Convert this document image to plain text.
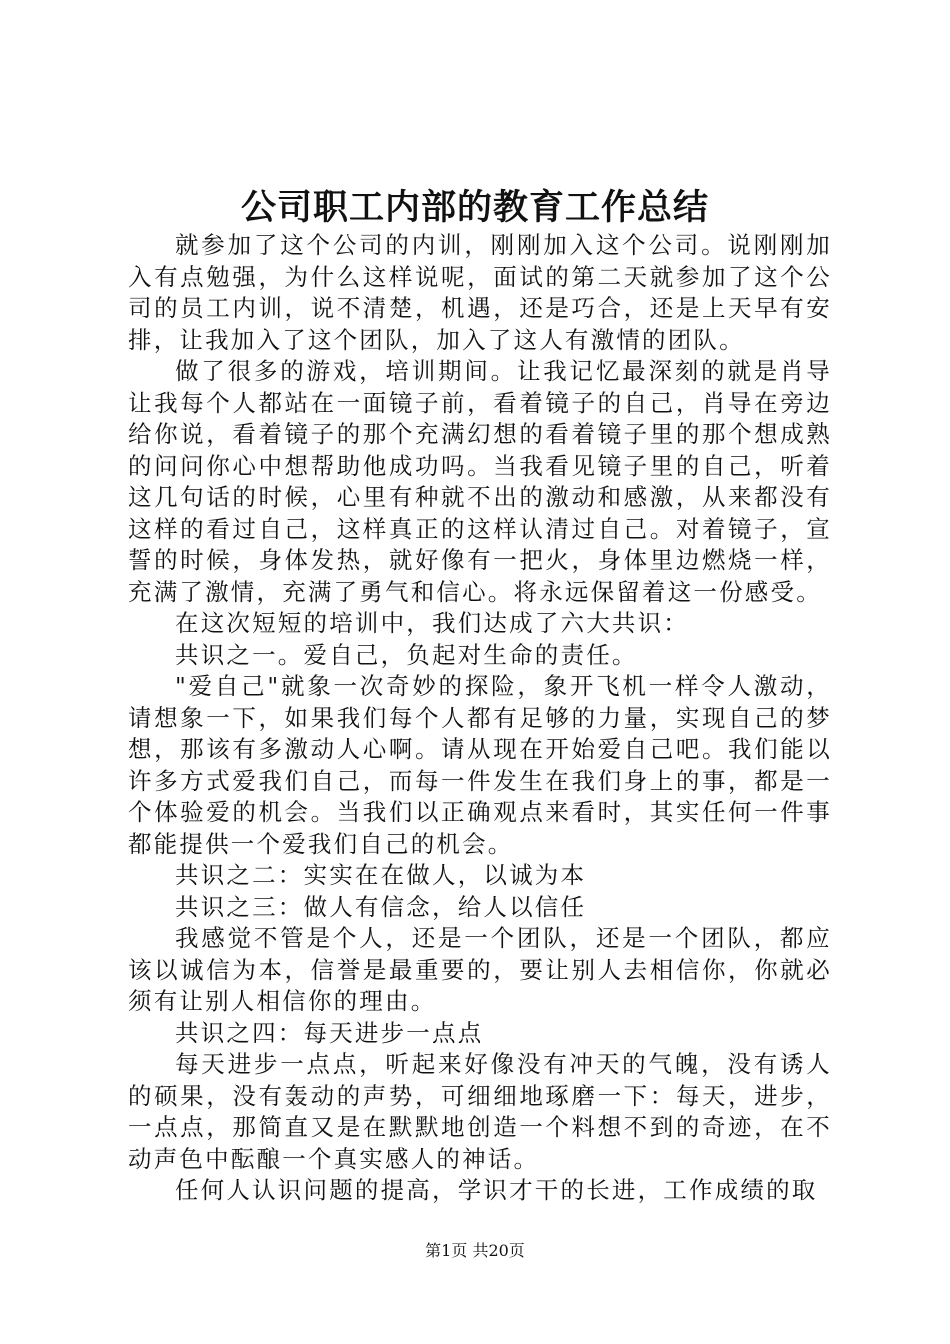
公司职工内部的教育工作总结

就参加了这个公司的内训，刚刚加入这个公司。说刚刚加入有点勉强，为什么这样说呢，面试的第二天就参加了这个公司的员工内训，说不清楚，机遇，还是巧合，还是上天早有安排，让我加入了这个团队，加入了这人有激情的团队。

做了很多的游戏，培训期间。让我记忆最深刻的就是肖导让我每个人都站在一面镜子前，看着镜子的自己，肖导在旁边给你说，看着镜子的那个充满幻想的看着镜子里的那个想成熟的问问你心中想帮助他成功吗。当我看见镜子里的自己，听着这几句话的时候，心里有种就不出的激动和感激，从来都没有这样的看过自己，这样真正的这样认清过自己。对着镜子，宣誓的时候，身体发热，就好像有一把火，身体里边燃烧一样，充满了激情，充满了勇气和信心。将永远保留着这一份感受。

在这次短短的培训中，我们达成了六大共识：

共识之一。爱自己，负起对生命的责任。

"爱自己"就象一次奇妙的探险，象开飞机一样令人激动，请想象一下，如果我们每个人都有足够的力量，实现自己的梦想，那该有多激动人心啊。请从现在开始爱自己吧。我们能以许多方式爱我们自己，而每一件发生在我们身上的事，都是一个体验爱的机会。当我们以正确观点来看时，其实任何一件事都能提供一个爱我们自己的机会。

共识之二：实实在在做人，以诚为本

共识之三：做人有信念，给人以信任

我感觉不管是个人，还是一个团队，还是一个团队，都应该以诚信为本，信誉是最重要的，要让别人去相信你，你就必须有让别人相信你的理由。

共识之四：每天进步一点点

每天进步一点点，听起来好像没有冲天的气魄，没有诱人的硕果，没有轰动的声势，可细细地琢磨一下：每天，进步，一点点，那简直又是在默默地创造一个料想不到的奇迹，在不动声色中酝酿一个真实感人的神话。

任何人认识问题的提高，学识才干的长进，工作成绩的取

第1页 共20页
